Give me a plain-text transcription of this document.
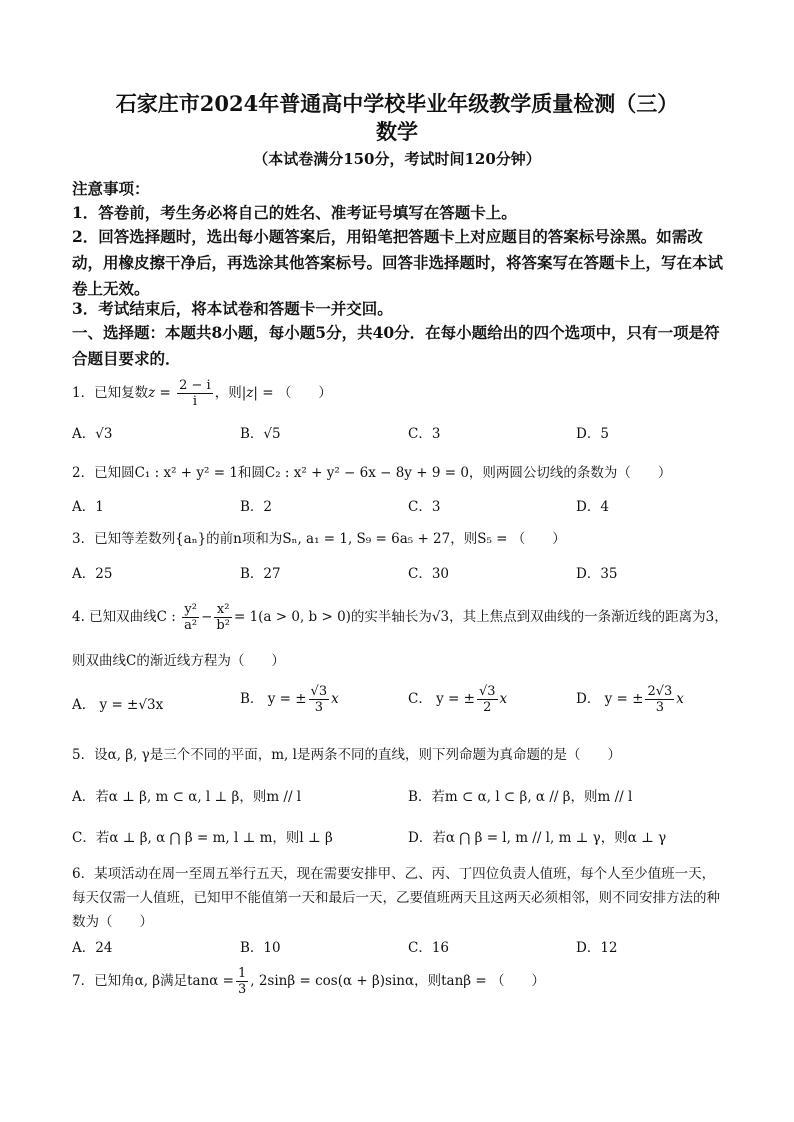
石家庄市2024年普通高中学校毕业年级教学质量检测（三）
数学
（本试卷满分150分，考试时间120分钟）
注意事项：
1．答卷前，考生务必将自己的姓名、准考证号填写在答题卡上。
2．回答选择题时，选出每小题答案后，用铅笔把答题卡上对应题目的答案标号涂黑。如需改动，用橡皮擦干净后，再选涂其他答案标号。回答非选择题时，将答案写在答题卡上，写在本试卷上无效。
3．考试结束后，将本试卷和答题卡一并交回。
一、选择题：本题共8小题，每小题5分，共40分．在每小题给出的四个选项中，只有一项是符合题目要求的．
1．已知复数$z = \frac{2 - i}{i}$ ，则|z| = （　　）
A．√3	B．√5	C．3	D．5
2．已知圆C₁ : x² + y² = 1和圆C₂ : x² + y² − 6x − 8y + 9 = 0，则两圆公切线的条数为（　　）
A．1	B．2	C．3	D．4
3．已知等差数列{aₙ}的前n项和为Sₙ, a₁ = 1, S₉ = 6a₅ + 27，则S₅ = （　　）
A．25	B．27	C．30	D．35
4. 已知双曲线C : $\frac{\text{y²}}{\text{a²}} - \frac{\text{x²}}{\text{b²}} = 1(a > 0$, b > 0)的实半轴长为√3，其上焦点到双曲线的一条渐近线的距离为3，
则双曲线C的渐近线方程为（　　）
A． y = ±√3x	B． y = ± $\frac{√3}{3}$ x	C． y = ± $\frac{√3}{2}$ x	D． y = ± $\frac{2√3}{3}$ x
5．设α, β, γ是三个不同的平面，m, l是两条不同的直线，则下列命题为真命题的是（　　）
A．若α ⊥ β, m ⊂ α, l ⊥ β，则m // l	B．若m ⊂ α, l ⊂ β, α // β，则m // l
C．若α ⊥ β, α ⋂ β = m, l ⊥ m，则l ⊥ β	D．若α ⋂ β = l, m // l, m ⊥ γ，则α ⊥ γ
6．某项活动在周一至周五举行五天，现在需要安排甲、乙、丙、丁四位负责人值班，每个人至少值班一天，每天仅需一人值班，已知甲不能值第一天和最后一天，乙要值班两天且这两天必须相邻，则不同安排方法的种数为（　　）
A．24	B．10	C．16	D．12
7．已知角α, β满足$\tan\alpha = \frac{1}{3}$ , 2sinβ = cos(α + β)sinα，则tanβ = （　　）
